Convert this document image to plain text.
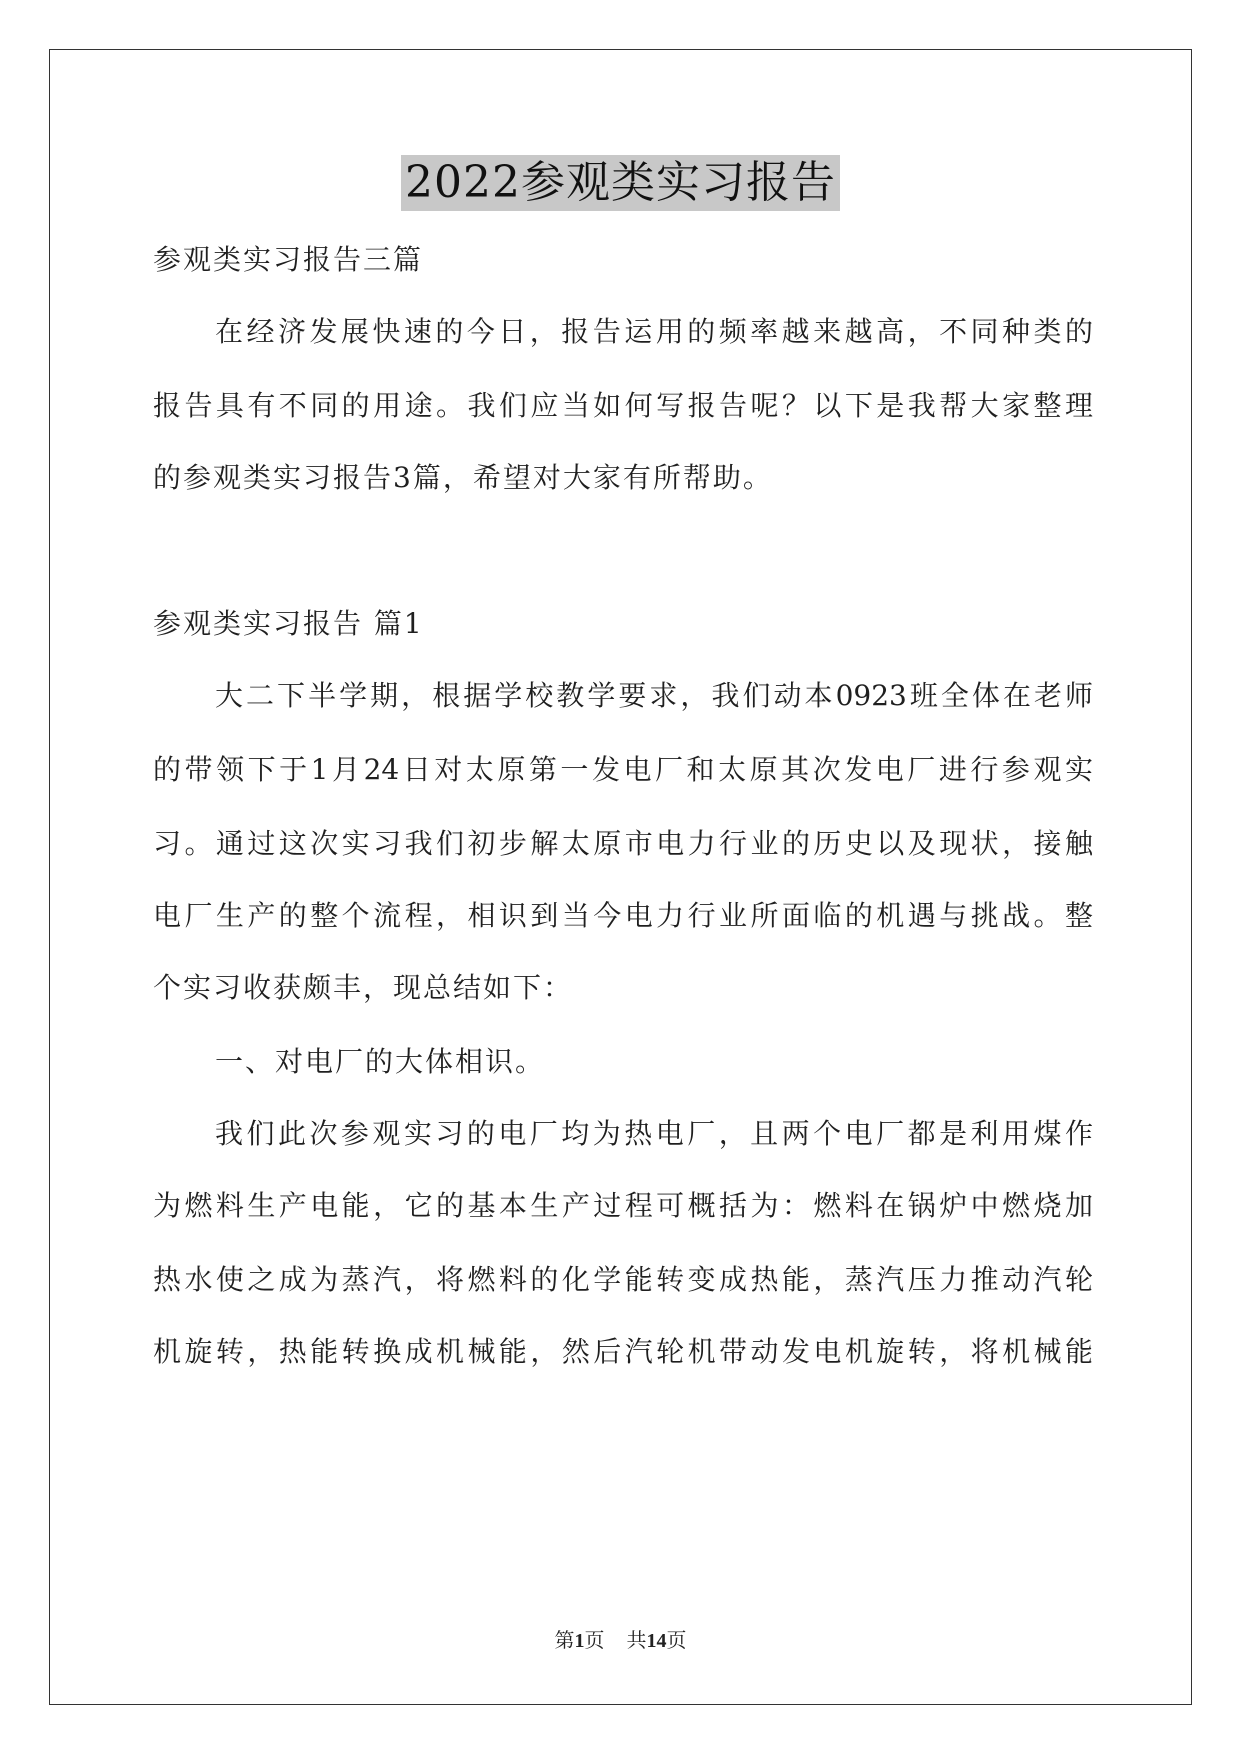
2022参观类实习报告
参观类实习报告三篇
在经济发展快速的今日，报告运用的频率越来越高，不同种类的
报告具有不同的用途。我们应当如何写报告呢？以下是我帮大家整理
的参观类实习报告3篇，希望对大家有所帮助。
参观类实习报告 篇1
大二下半学期，根据学校教学要求，我们动本0923班全体在老师
的带领下于1月24日对太原第一发电厂和太原其次发电厂进行参观实
习。通过这次实习我们初步解太原市电力行业的历史以及现状，接触
电厂生产的整个流程，相识到当今电力行业所面临的机遇与挑战。整
个实习收获颇丰，现总结如下：
一、对电厂的大体相识。
我们此次参观实习的电厂均为热电厂，且两个电厂都是利用煤作
为燃料生产电能，它的基本生产过程可概括为：燃料在锅炉中燃烧加
热水使之成为蒸汽，将燃料的化学能转变成热能，蒸汽压力推动汽轮
机旋转，热能转换成机械能，然后汽轮机带动发电机旋转，将机械能
第1页 共14页
